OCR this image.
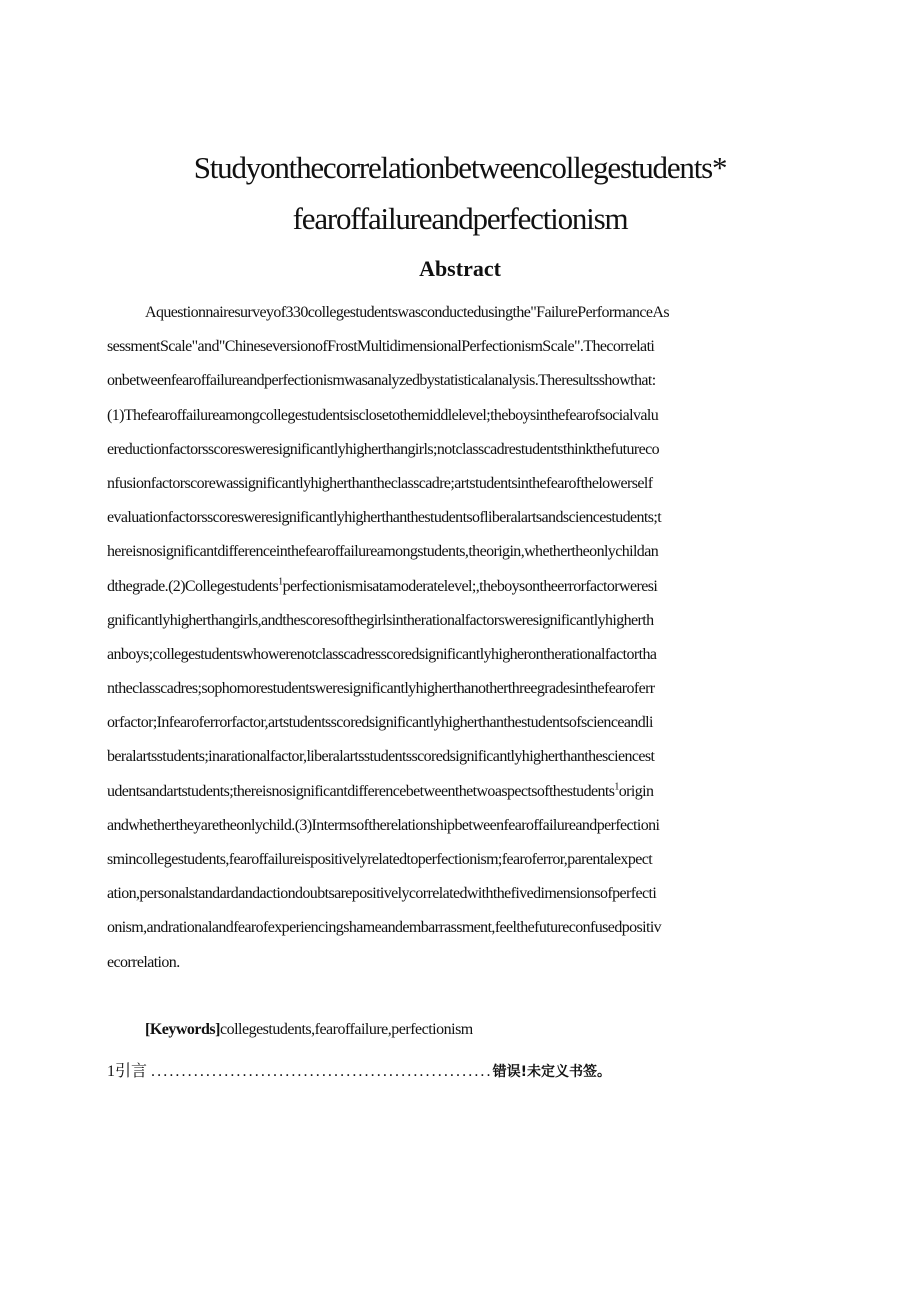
Studyonthecorrelationbetweencollegestudents*
fearoffailureandperfectionism
Abstract
Aquestionnairesurveyof330collegestudentswasconductedusingthe"FailurePerformanceAs
sessmentScale"and"ChineseversionofFrostMultidimensionalPerfectionismScale".Thecorrelati
onbetweenfearoffailureandperfectionismwasanalyzedbystatisticalanalysis.Theresultsshowthat:
(1)Thefearoffailureamongcollegestudentsisclosetothemiddlelevel;theboysinthefearofsocialvalu
ereductionfactorsscoresweresignificantlyhigherthangirls;notclasscadrestudentsthinkthefutureco
nfusionfactorscorewassignificantlyhigherthantheclasscadre;artstudentsinthefearofthelowerself
evaluationfactorsscoresweresignificantlyhigherthanthestudentsofliberalartsandsciencestudents;t
hereisnosignificantdifferenceinthefearoffailureamongstudents,theorigin,whethertheonlychildan
dthegrade.(2)Collegestudents$^1$perfectionismisatamoderatelevel;,theboysontheerrorfactorweresi
gnificantlyhigherthangirls,andthescoresofthegirlsintherationalfactorsweresignificantlyhigherth
anboys;collegestudentswhowerenotclasscadresscoredsignificantlyhigherontherationalfactortha
ntheclasscadres;sophomorestudentsweresignificantlyhigherthanotherthreegradesinthefearoferr
orfactor;Infearoferrorfactor,artstudentsscoredsignificantlyhigherthanthestudentsofscienceandli
beralartsstudents;inarationalfactor,liberalartsstudentsscoredsignificantlyhigherthanthesciencest
udentsandartstudents;thereisnosignificantdifferencebetweenthetwoaspectsofthestudents$^1$origin
andwhethertheyaretheonlychild.(3)Intermsoftherelationshipbetweenfearoffailureandperfectioni
smincollegestudents,fearoffailureispositivelyrelatedtoperfectionism;fearoferror,parentalexpect
ation,personalstandardandactiondoubtsarepositivelycorrelatedwiththefivedimensionsofperfecti
onism,andrationalandfearofexperiencingshameandembarrassment,feelthefutureconfusedpositiv
ecorrelation.
[Keywords]collegestudents,fearoffailure,perfectionism
1引言 ........................................................错误!未定义书签。
